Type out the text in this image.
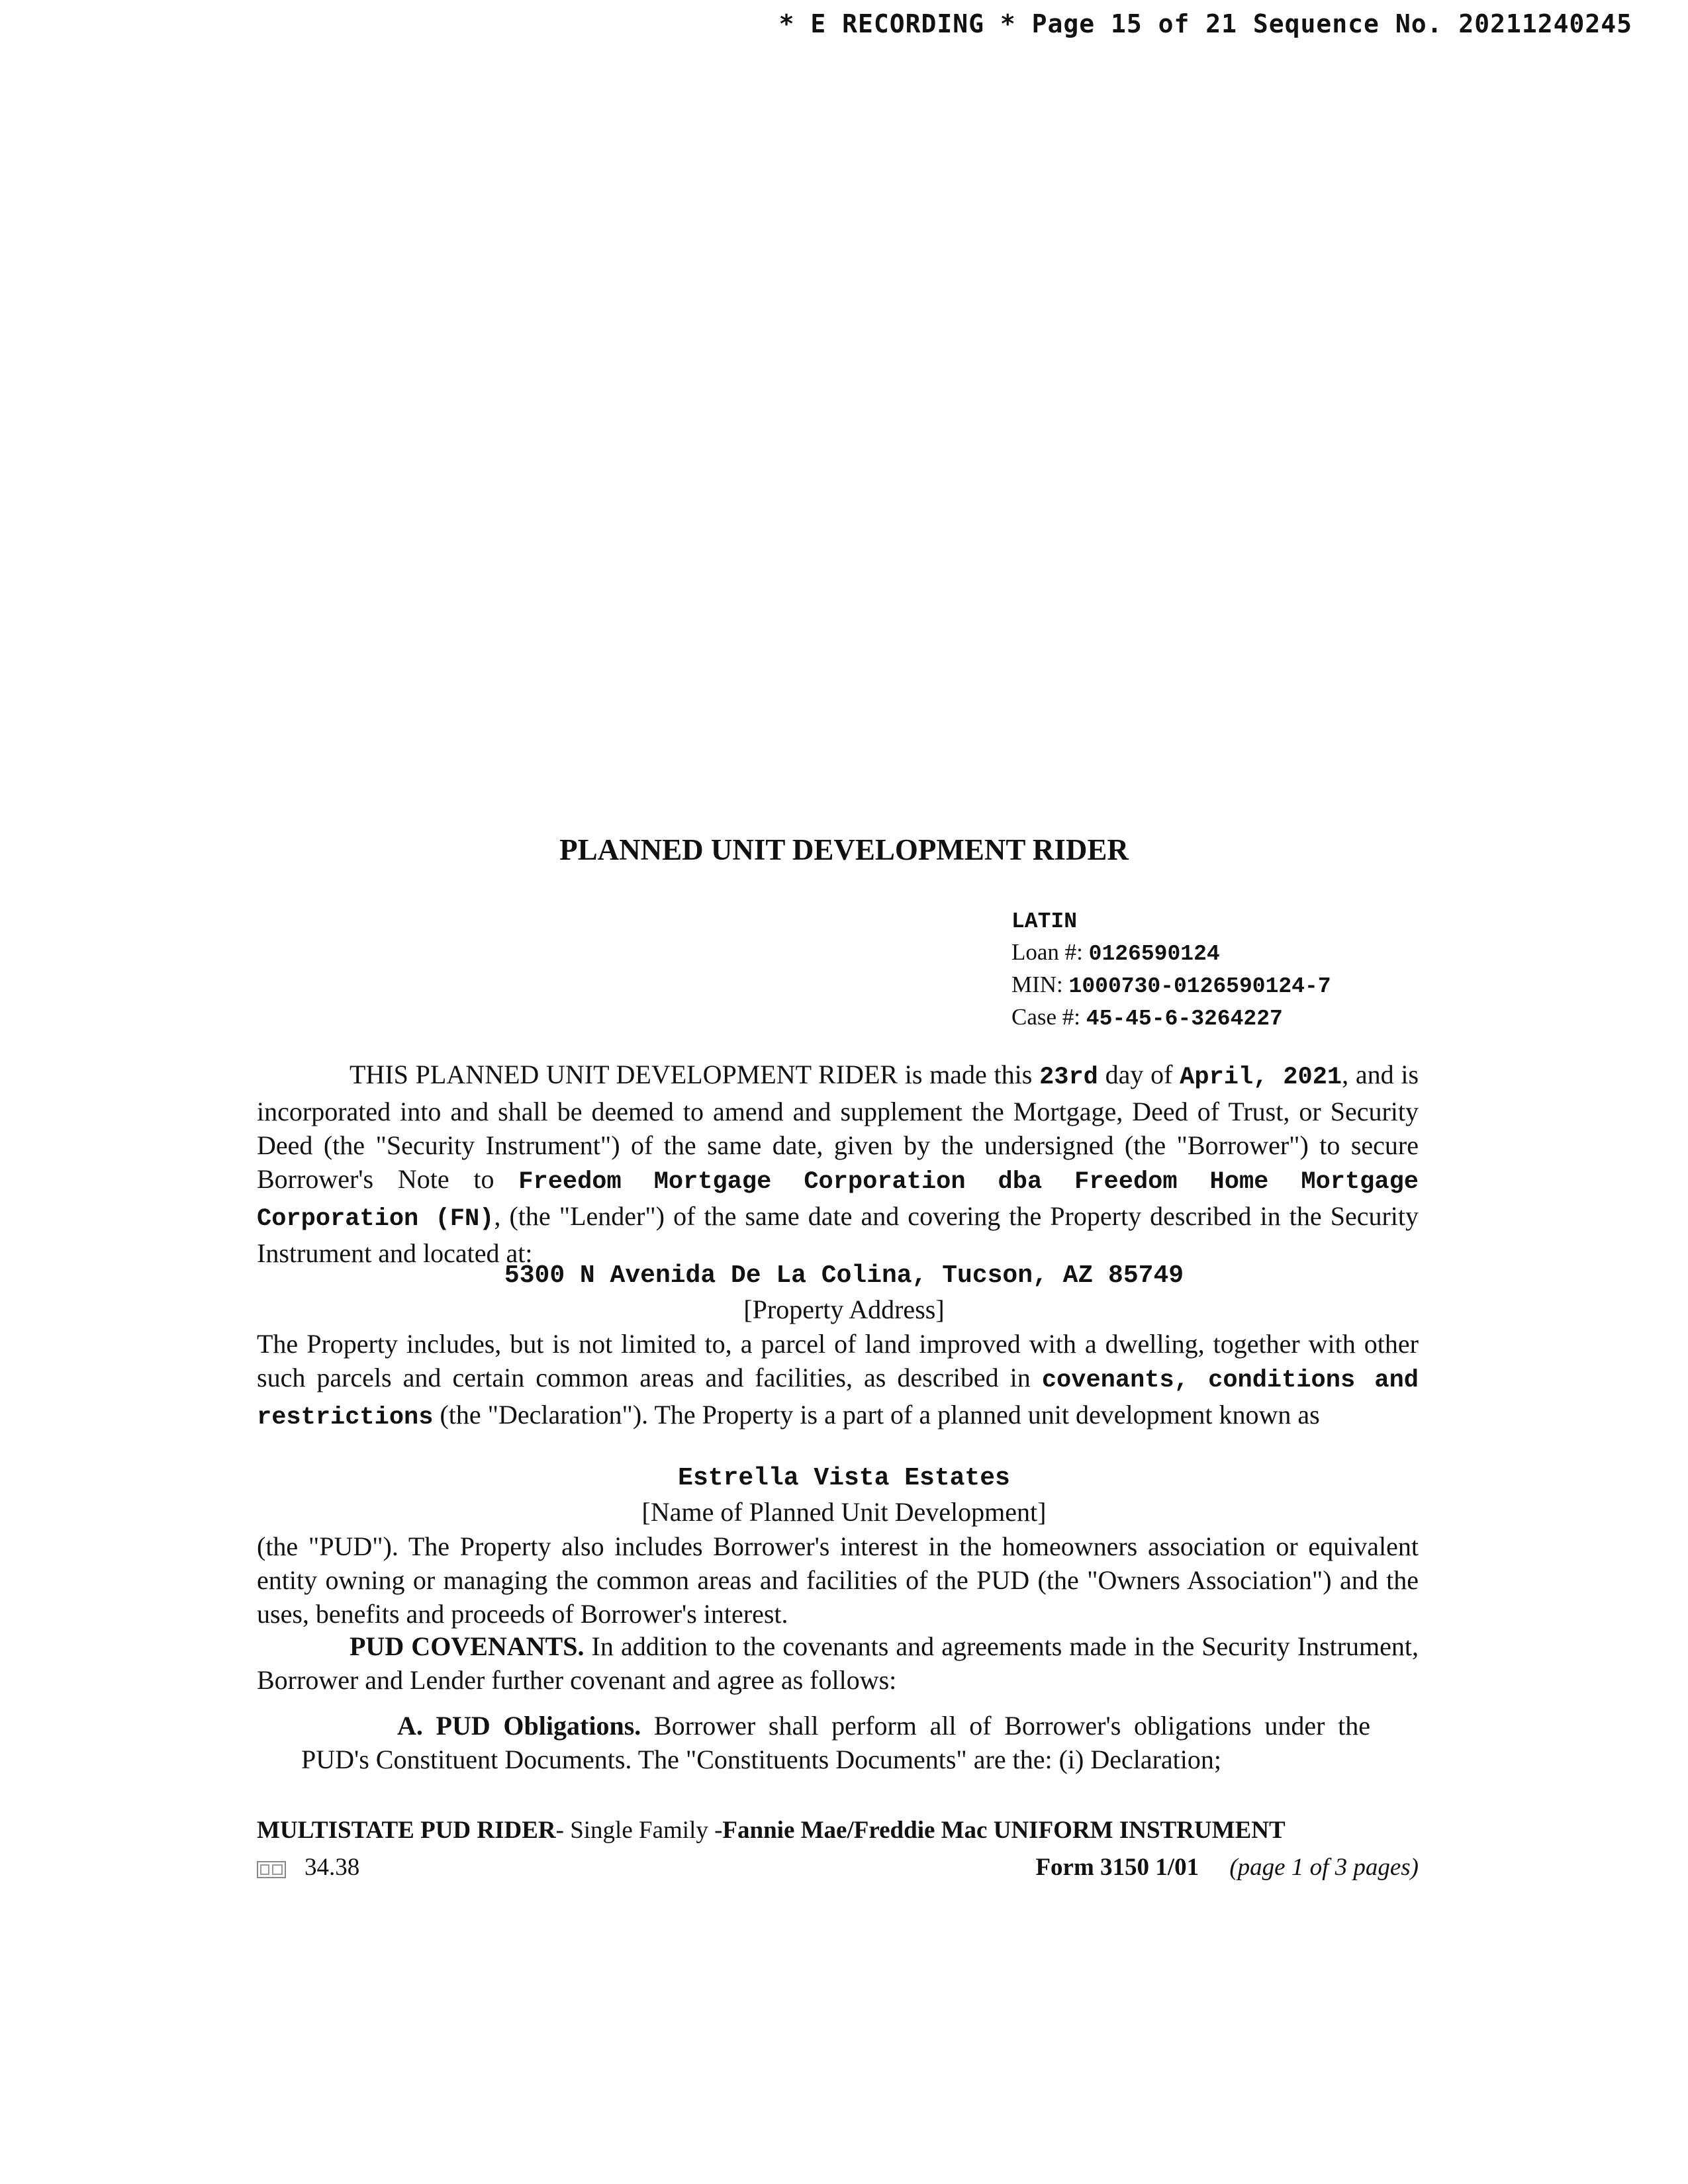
* E RECORDING * Page 15 of 21 Sequence No. 20211240245
PLANNED UNIT DEVELOPMENT RIDER
LATIN
Loan #: 0126590124
MIN: 1000730-0126590124-7
Case #: 45-45-6-3264227
THIS PLANNED UNIT DEVELOPMENT RIDER is made this 23rd day of April, 2021, and is incorporated into and shall be deemed to amend and supplement the Mortgage, Deed of Trust, or Security Deed (the "Security Instrument") of the same date, given by the undersigned (the "Borrower") to secure Borrower's Note to Freedom Mortgage Corporation dba Freedom Home Mortgage Corporation (FN), (the "Lender") of the same date and covering the Property described in the Security Instrument and located at:
5300 N Avenida De La Colina, Tucson, AZ 85749
[Property Address]
The Property includes, but is not limited to, a parcel of land improved with a dwelling, together with other such parcels and certain common areas and facilities, as described in covenants, conditions and restrictions (the "Declaration"). The Property is a part of a planned unit development known as
Estrella Vista Estates
[Name of Planned Unit Development]
(the "PUD"). The Property also includes Borrower's interest in the homeowners association or equivalent entity owning or managing the common areas and facilities of the PUD (the "Owners Association") and the uses, benefits and proceeds of Borrower's interest.
PUD COVENANTS. In addition to the covenants and agreements made in the Security Instrument, Borrower and Lender further covenant and agree as follows:
A. PUD Obligations. Borrower shall perform all of Borrower's obligations under the PUD's Constituent Documents. The "Constituents Documents" are the: (i) Declaration;
MULTISTATE PUD RIDER- Single Family -Fannie Mae/Freddie Mac UNIFORM INSTRUMENT
34.38	Form 3150 1/01 (page 1 of 3 pages)
